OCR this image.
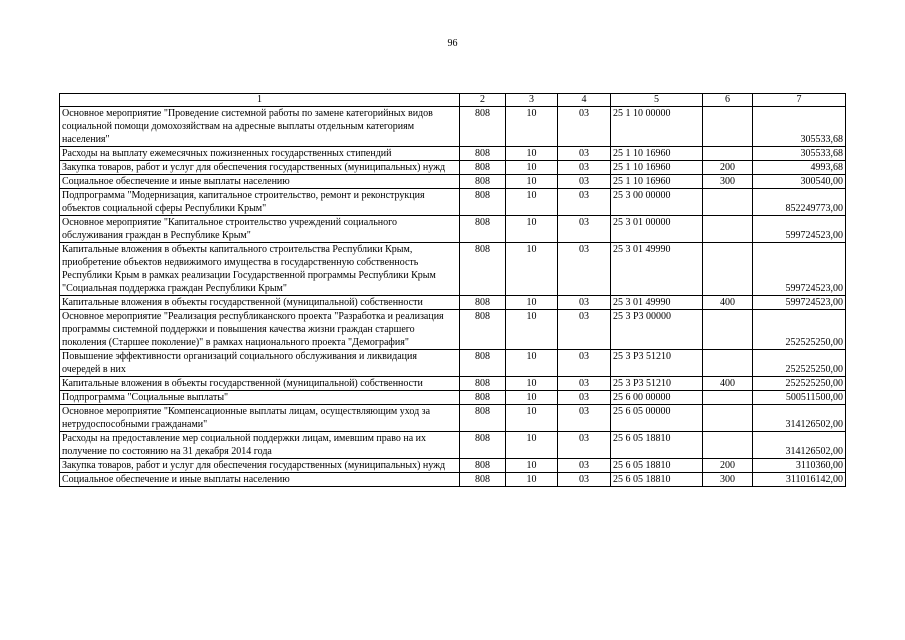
96
1	2	3	4	5	6	7
Основное мероприятие "Проведение системной работы по замене категорийных видов социальной помощи домохозяйствам на адресные выплаты отдельным категориям населения"	808	10	03	25 1 10 00000		305533,68
Расходы на выплату ежемесячных пожизненных государственных стипендий	808	10	03	25 1 10 16960		305533,68
Закупка товаров, работ и услуг для обеспечения государственных (муниципальных) нужд	808	10	03	25 1 10 16960	200	4993,68
Социальное обеспечение и иные выплаты населению	808	10	03	25 1 10 16960	300	300540,00
Подпрограмма "Модернизация, капитальное строительство, ремонт и реконструкция объектов социальной сферы Республики Крым"	808	10	03	25 3 00 00000		852249773,00
Основное мероприятие "Капитальное строительство учреждений социального обслуживания граждан в Республике Крым"	808	10	03	25 3 01 00000		599724523,00
Капитальные вложения в объекты капитального строительства Республики Крым, приобретение объектов недвижимого имущества в государственную собственность Республики Крым в рамках реализации Государственной программы Республики Крым "Социальная поддержка граждан Республики Крым"	808	10	03	25 3 01 49990		599724523,00
Капитальные вложения в объекты государственной (муниципальной) собственности	808	10	03	25 3 01 49990	400	599724523,00
Основное мероприятие "Реализация республиканского проекта "Разработка и реализация программы системной поддержки и повышения качества жизни граждан старшего поколения (Старшее поколение)" в рамках национального проекта "Демография"	808	10	03	25 3 P3 00000		252525250,00
Повышение эффективности организаций социального обслуживания и ликвидация очередей в них	808	10	03	25 3 P3 51210		252525250,00
Капитальные вложения в объекты государственной (муниципальной) собственности	808	10	03	25 3 P3 51210	400	252525250,00
Подпрограмма "Социальные выплаты"	808	10	03	25 6 00 00000		500511500,00
Основное мероприятие "Компенсационные выплаты лицам, осуществляющим уход за нетрудоспособными гражданами"	808	10	03	25 6 05 00000		314126502,00
Расходы на предоставление мер социальной поддержки лицам, имевшим право на их получение по состоянию на 31 декабря 2014 года	808	10	03	25 6 05 18810		314126502,00
Закупка товаров, работ и услуг для обеспечения государственных (муниципальных) нужд	808	10	03	25 6 05 18810	200	3110360,00
Социальное обеспечение и иные выплаты населению	808	10	03	25 6 05 18810	300	311016142,00
